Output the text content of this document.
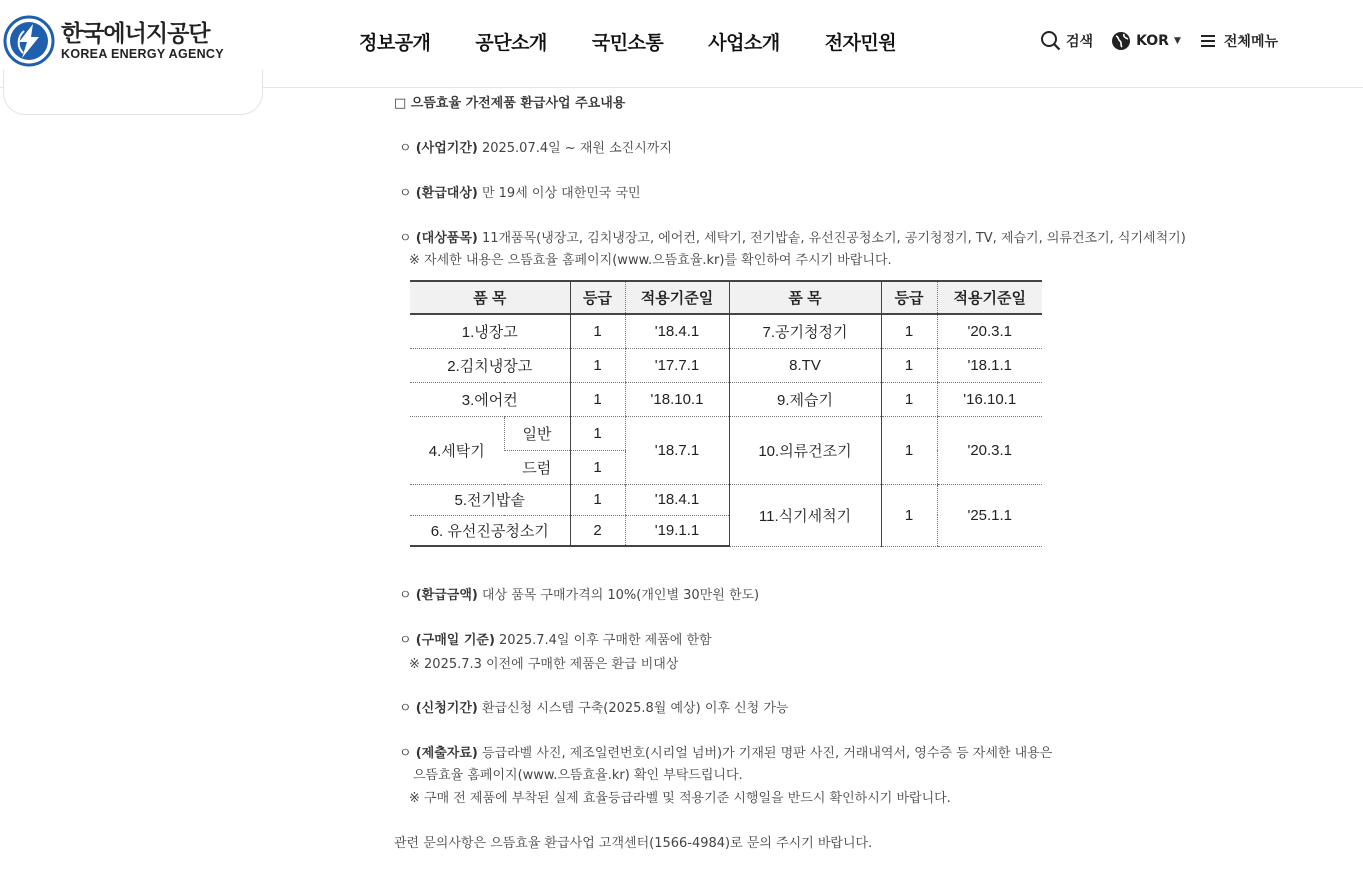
한국에너지공단
KOREA ENERGY AGENCY	정보공개 공단소개 국민소통 사업소개 전자민원	검색	KOR ▼	전체메뉴
□ 으뜸효율 가전제품 환급사업 주요내용
ㅇ (사업기간) 2025.07.4일 ~ 재원 소진시까지
ㅇ (환급대상) 만 19세 이상 대한민국 국민
ㅇ (대상품목) 11개품목(냉장고, 김치냉장고, 에어컨, 세탁기, 전기밥솥, 유선진공청소기, 공기청정기, TV, 제습기, 의류건조기, 식기세척기)
※ 자세한 내용은 으뜸효율 홈페이지(www.으뜸효율.kr)를 확인하여 주시기 바랍니다.
ㅇ (환급금액) 대상 품목 구매가격의 10%(개인별 30만원 한도)
ㅇ (구매일 기준) 2025.7.4일 이후 구매한 제품에 한함
※ 2025.7.3 이전에 구매한 제품은 환급 비대상
ㅇ (신청기간) 환급신청 시스템 구축(2025.8월 예상) 이후 신청 가능
ㅇ (제출자료) 등급라벨 사진, 제조일련번호(시리얼 넘버)가 기재된 명판 사진, 거래내역서, 영수증 등 자세한 내용은
으뜸효율 홈페이지(www.으뜸효율.kr) 확인 부탁드립니다.
※ 구매 전 제품에 부착된 실제 효율등급라벨 및 적용기준 시행일을 반드시 확인하시기 바랍니다.
관련 문의사항은 으뜸효율 환급사업 고객센터(1566-4984)로 문의 주시기 바랍니다.
품 목		등급	적용기준일	품 목	등급	적용기준일
1.냉장고		1	'18.4.1	7.공기청정기	1	'20.3.1
2.김치냉장고		1	'17.7.1	8.TV	1	'18.1.1
3.에어컨		1	'18.10.1	9.제습기	1	'16.10.1
4.세탁기	일반	1	'18.7.1	10.의류건조기	1	'20.3.1
	드럼	1				
5.전기밥솥		1	'18.4.1	11.식기세척기	1	'25.1.1
6. 유선진공청소기		2	'19.1.1			
